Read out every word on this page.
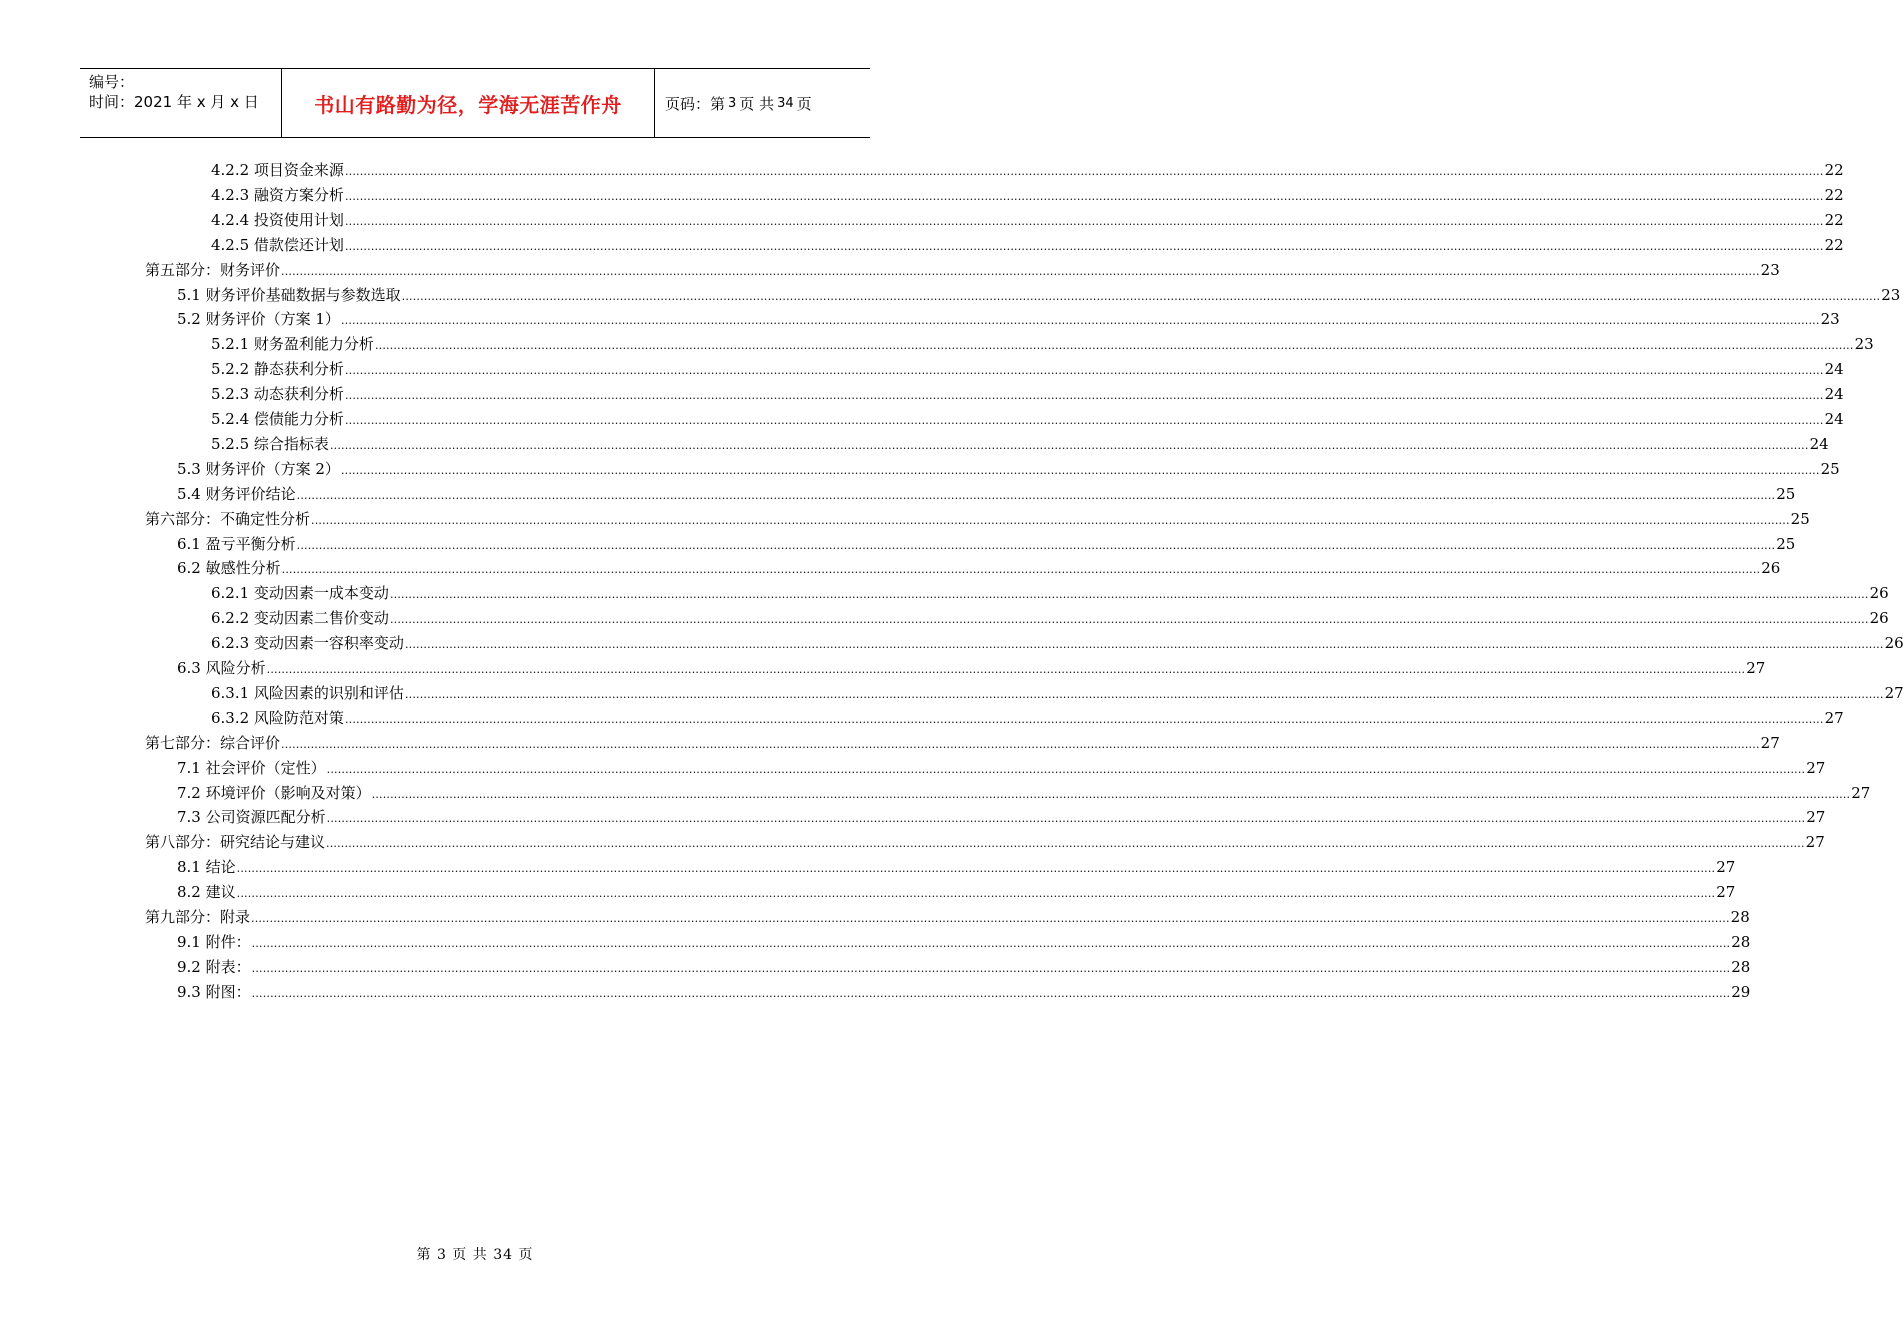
编号：
时间：2021 年 x 月 x 日	书山有路勤为径，学海无涯苦作舟	页码：第 3 页 共 34 页
4.2.2 项目资金来源 ................................................................................................................................................................................................................................................................................................................................................................................................................ 22
4.2.3 融资方案分析 ................................................................................................................................................................................................................................................................................................................................................................................................................ 22
4.2.4 投资使用计划 ................................................................................................................................................................................................................................................................................................................................................................................................................ 22
4.2.5 借款偿还计划 ................................................................................................................................................................................................................................................................................................................................................................................................................ 22
第五部分：财务评价 ................................................................................................................................................................................................................................................................................................................................................................................................................ 23
5.1 财务评价基础数据与参数选取 ................................................................................................................................................................................................................................................................................................................................................................................................................ 23
5.2 财务评价（方案 1） ................................................................................................................................................................................................................................................................................................................................................................................................................ 23
5.2.1 财务盈利能力分析 ................................................................................................................................................................................................................................................................................................................................................................................................................ 23
5.2.2 静态获利分析 ................................................................................................................................................................................................................................................................................................................................................................................................................ 24
5.2.3 动态获利分析 ................................................................................................................................................................................................................................................................................................................................................................................................................ 24
5.2.4 偿债能力分析 ................................................................................................................................................................................................................................................................................................................................................................................................................ 24
5.2.5 综合指标表 ................................................................................................................................................................................................................................................................................................................................................................................................................ 24
5.3 财务评价（方案 2） ................................................................................................................................................................................................................................................................................................................................................................................................................ 25
5.4 财务评价结论 ................................................................................................................................................................................................................................................................................................................................................................................................................ 25
第六部分：不确定性分析 ................................................................................................................................................................................................................................................................................................................................................................................................................ 25
6.1 盈亏平衡分析 ................................................................................................................................................................................................................................................................................................................................................................................................................ 25
6.2 敏感性分析 ................................................................................................................................................................................................................................................................................................................................................................................................................ 26
6.2.1 变动因素一成本变动 ................................................................................................................................................................................................................................................................................................................................................................................................................ 26
6.2.2 变动因素二售价变动 ................................................................................................................................................................................................................................................................................................................................................................................................................ 26
6.2.3 变动因素一容积率变动 ................................................................................................................................................................................................................................................................................................................................................................................................................ 26
6.3 风险分析 ................................................................................................................................................................................................................................................................................................................................................................................................................ 27
6.3.1 风险因素的识别和评估 ................................................................................................................................................................................................................................................................................................................................................................................................................ 27
6.3.2 风险防范对策 ................................................................................................................................................................................................................................................................................................................................................................................................................ 27
第七部分：综合评价 ................................................................................................................................................................................................................................................................................................................................................................................................................ 27
7.1 社会评价（定性） ................................................................................................................................................................................................................................................................................................................................................................................................................ 27
7.2 环境评价（影响及对策） ................................................................................................................................................................................................................................................................................................................................................................................................................ 27
7.3 公司资源匹配分析 ................................................................................................................................................................................................................................................................................................................................................................................................................ 27
第八部分：研究结论与建议 ................................................................................................................................................................................................................................................................................................................................................................................................................ 27
8.1 结论 ................................................................................................................................................................................................................................................................................................................................................................................................................ 27
8.2 建议 ................................................................................................................................................................................................................................................................................................................................................................................................................ 27
第九部分：附录 ................................................................................................................................................................................................................................................................................................................................................................................................................ 28
9.1 附件： ................................................................................................................................................................................................................................................................................................................................................................................................................ 28
9.2 附表： ................................................................................................................................................................................................................................................................................................................................................................................................................ 28
9.3 附图： ................................................................................................................................................................................................................................................................................................................................................................................................................ 29
第 3 页 共 34 页
